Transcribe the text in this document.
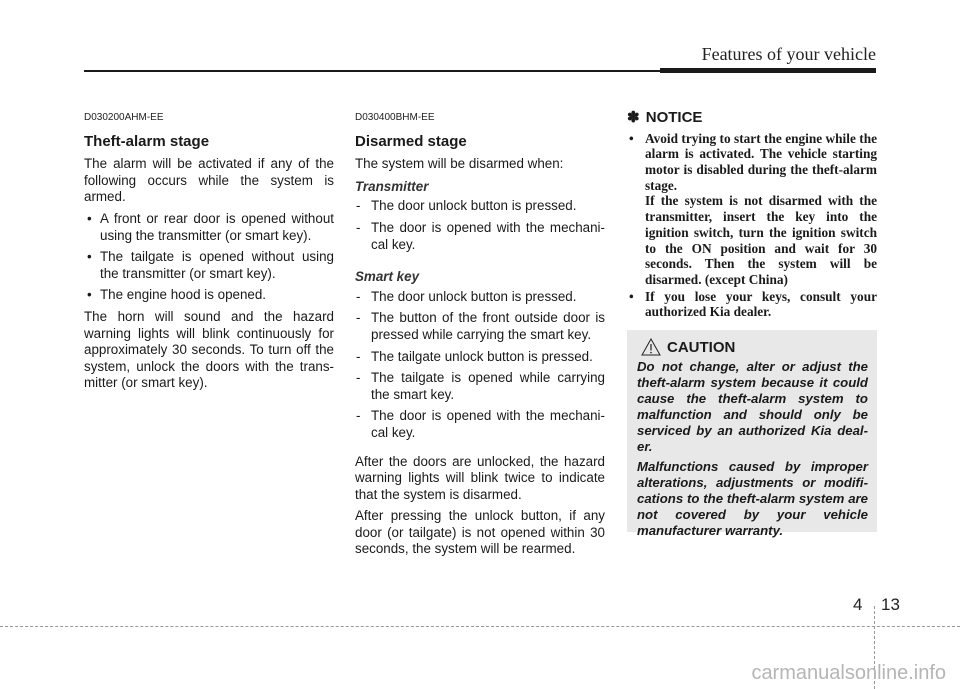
Features of your vehicle
D030200AHM-EE
Theft-alarm stage

The alarm will be activated if any of the following occurs while the system is armed.

• A front or rear door is opened without using the transmitter (or smart key).
• The tailgate is opened without using the transmitter (or smart key).
• The engine hood is opened.

The horn will sound and the hazard warning lights will blink continuously for approximately 30 seconds. To turn off the system, unlock the doors with the trans- mitter (or smart key).

D030400BHM-EE
Disarmed stage

The system will be disarmed when:

Transmitter
- The door unlock button is pressed.
- The door is opened with the mechani- cal key.
Smart key
- The door unlock button is pressed.
- The button of the front outside door is pressed while carrying the smart key.
- The tailgate unlock button is pressed.
- The tailgate is opened while carrying the smart key.
- The door is opened with the mechani- cal key.

After the doors are unlocked, the hazard warning lights will blink twice to indicate that the system is disarmed.

After pressing the unlock button, if any door (or tailgate) is not opened within 30 seconds, the system will be rearmed.

✽ NOTICE
• Avoid trying to start the engine while the alarm is activated. The vehicle starting motor is disabled during the theft-alarm stage.
If the system is not disarmed with the transmitter, insert the key into the ignition switch, turn the ignition switch to the ON position and wait for 30 seconds. Then the system will be disarmed. (except China)
• If you lose your keys, consult your authorized Kia dealer.
CAUTION

Do not change, alter or adjust the theft-alarm system because it could cause the theft-alarm system to malfunction and should only be serviced by an authorized Kia deal- er.

Malfunctions caused by improper alterations, adjustments or modifi- cations to the theft-alarm system are not covered by your vehicle manufacturer warranty.

4 13
carmanualsonline.info
